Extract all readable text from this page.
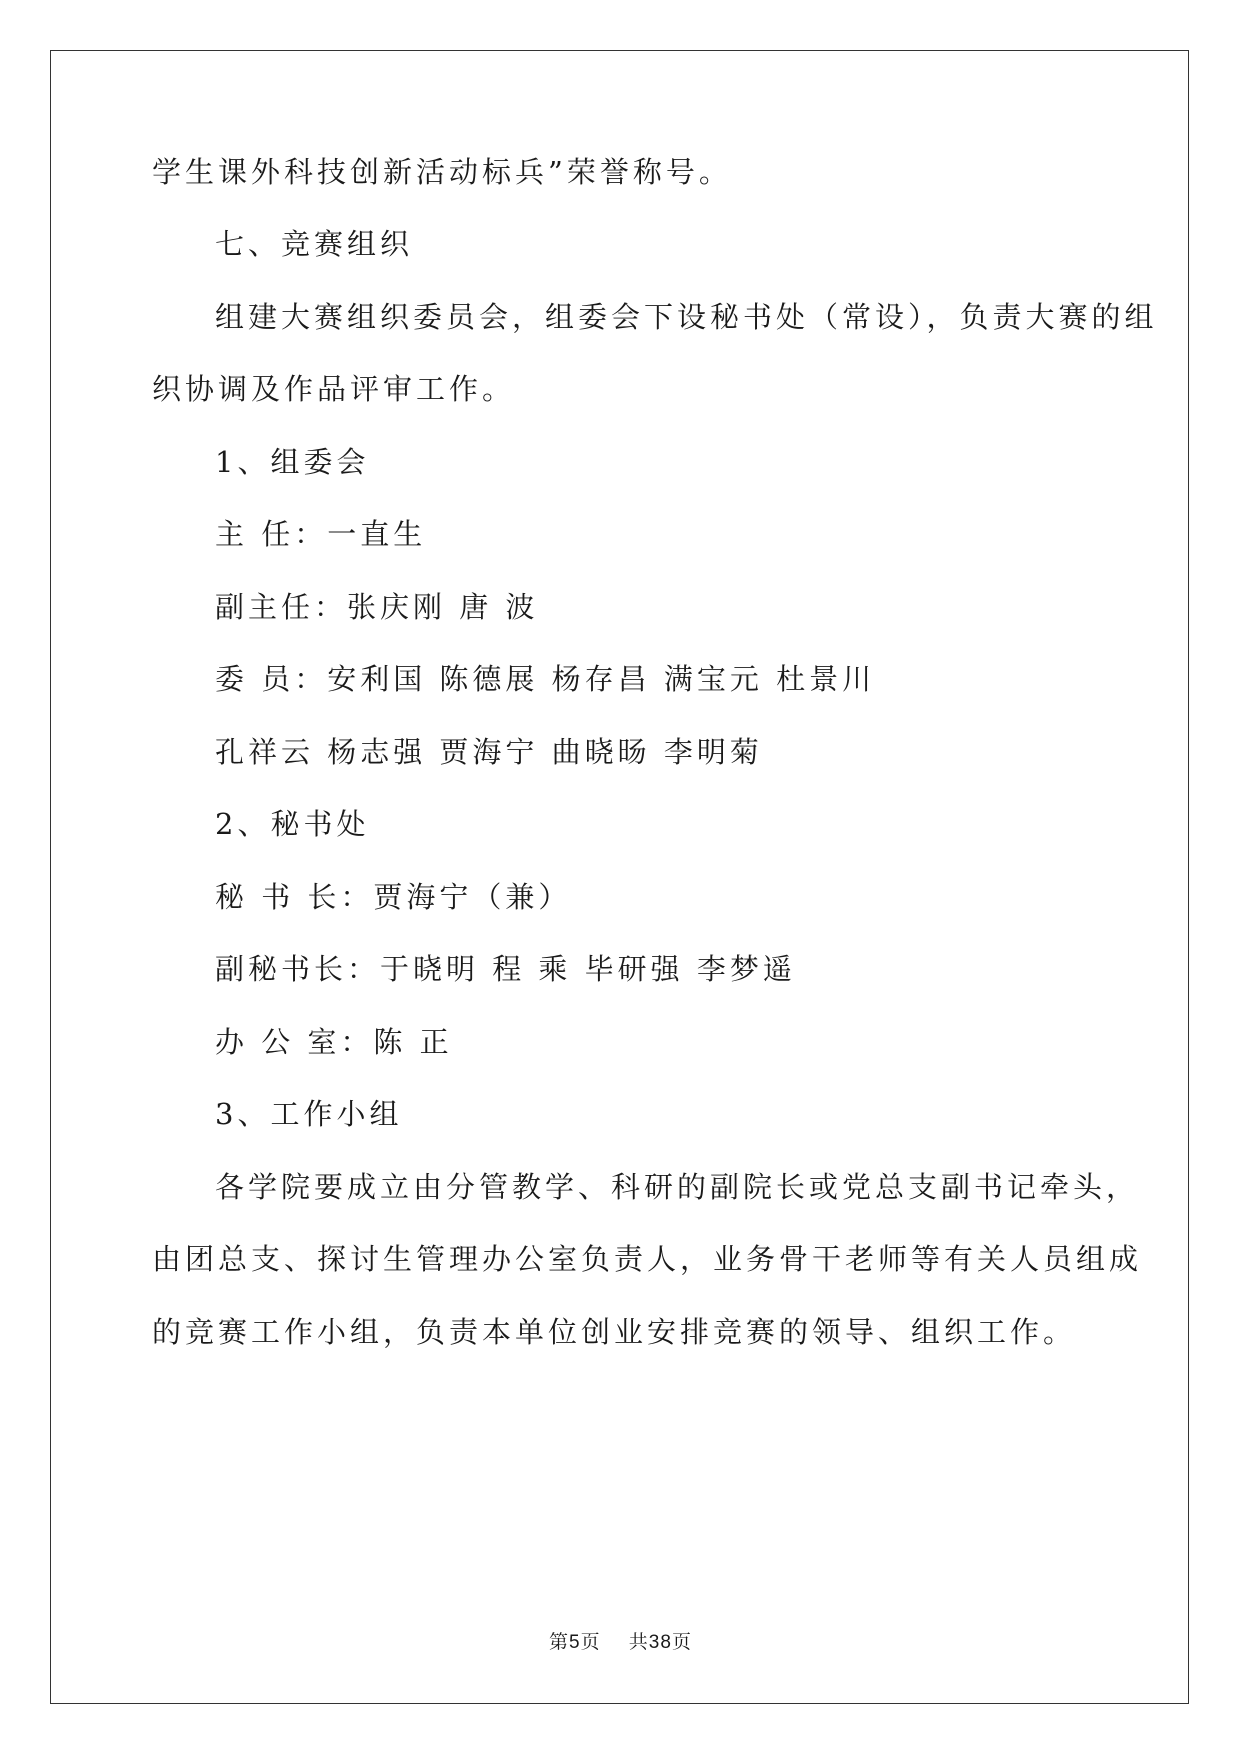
学生课外科技创新活动标兵”荣誉称号。
七、竞赛组织
组建大赛组织委员会，组委会下设秘书处（常设），负责大赛的组
织协调及作品评审工作。
1、组委会
主 任：一直生
副主任：张庆刚 唐 波
委 员：安利国 陈德展 杨存昌 满宝元 杜景川
孔祥云 杨志强 贾海宁 曲晓旸 李明菊
2、秘书处
秘 书 长：贾海宁（兼）
副秘书长：于晓明 程 乘 毕研强 李梦遥
办 公 室：陈 正
3、工作小组
各学院要成立由分管教学、科研的副院长或党总支副书记牵头，
由团总支、探讨生管理办公室负责人，业务骨干老师等有关人员组成
的竞赛工作小组，负责本单位创业安排竞赛的领导、组织工作。
第5页    共38页
